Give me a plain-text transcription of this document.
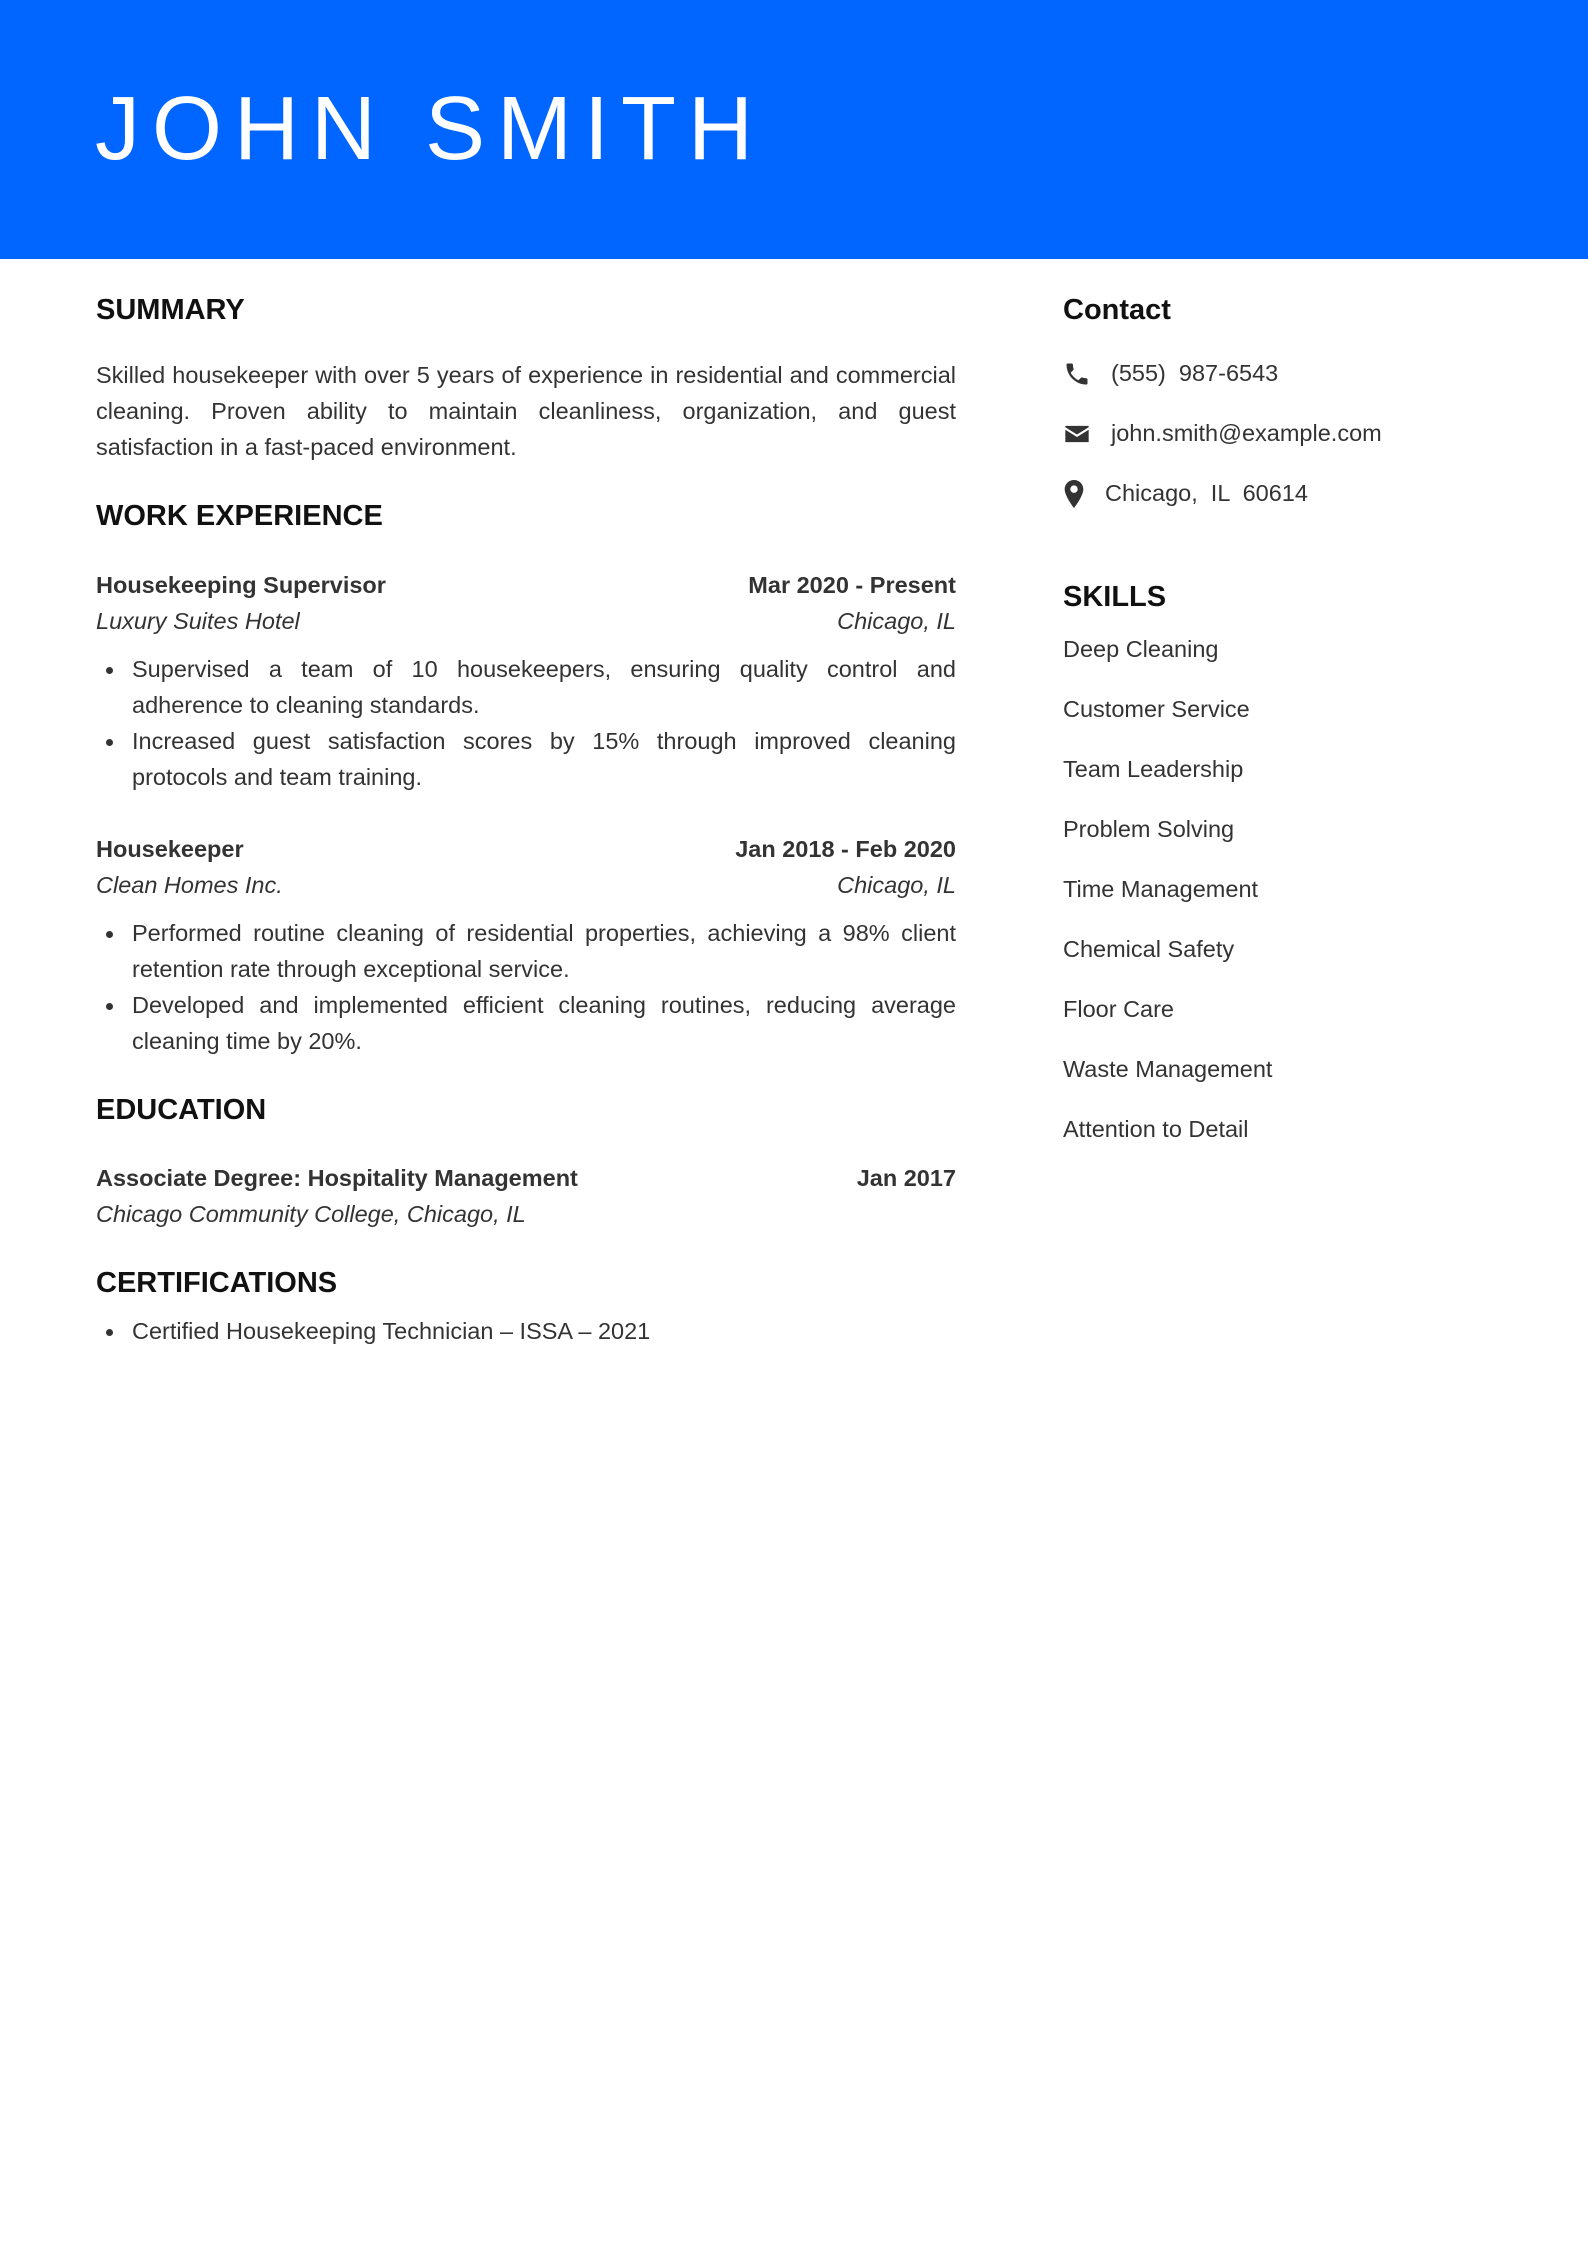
JOHN SMITH
SUMMARY

Skilled housekeeper with over 5 years of experience in residential and commercial cleaning. Proven ability to maintain cleanliness, organization, and guest satisfaction in a fast-paced environment.

WORK EXPERIENCE
Housekeeping Supervisor	Mar 2020 - Present
Luxury Suites Hotel	Chicago, IL
Supervised a team of 10 housekeepers, ensuring quality control and adherence to cleaning standards.
Increased guest satisfaction scores by 15% through improved cleaning protocols and team training.
Housekeeper	Jan 2018 - Feb 2020
Clean Homes Inc.	Chicago, IL
Performed routine cleaning of residential properties, achieving a 98% client retention rate through exceptional service.
Developed and implemented efficient cleaning routines, reducing average cleaning time by 20%.
EDUCATION
Associate Degree: Hospitality Management	Jan 2017
Chicago Community College, Chicago, IL
CERTIFICATIONS
Certified Housekeeping Technician – ISSA – 2021
Contact
(555)  987-6543
john.smith@example.com
Chicago,  IL  60614
SKILLS
Deep Cleaning
Customer Service
Team Leadership
Problem Solving
Time Management
Chemical Safety
Floor Care
Waste Management
Attention to Detail
